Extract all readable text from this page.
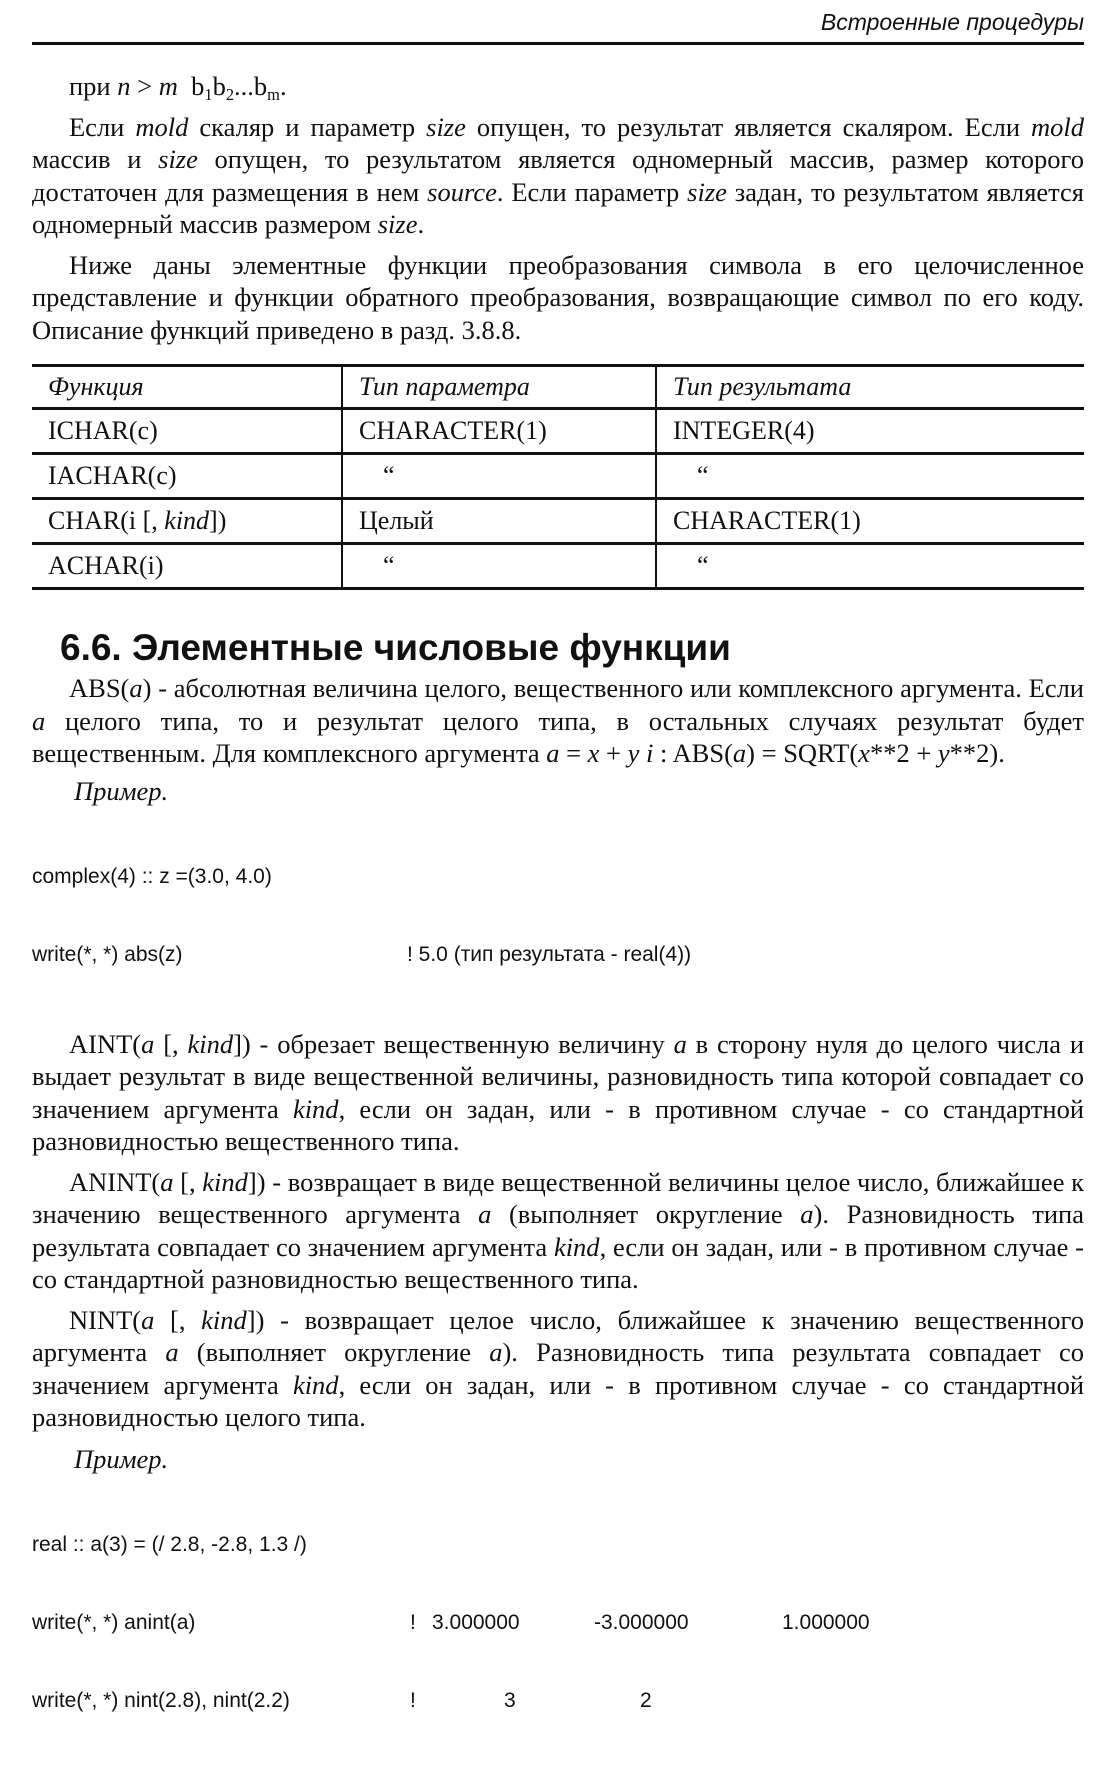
Встроенные процедуры

при n > m $b_1b_2...b_m$.

Если mold скаляр и параметр size опущен, то результат является скаляром. Если mold массив и size опущен, то результатом является одномерный массив, размер которого достаточен для размещения в нем source. Если параметр size задан, то результатом является одномерный массив размером size.

Ниже даны элементные функции преобразования символа в его целочисленное представление и функции обратного преобразования, возвращающие символ по его коду. Описание функций приведено в разд. 3.8.8.

Функция	Тип параметра	Тип результата
ICHAR(c)	CHARACTER(1)	INTEGER(4)
IACHAR(c)	“	“
CHAR(i [, kind])	Целый	CHARACTER(1)
ACHAR(i)	“	“
6.6. Элементные числовые функции

ABS(a) - абсолютная величина целого, вещественного или комплексного аргумента. Если a целого типа, то и результат целого типа, в остальных случаях результат будет вещественным. Для комплексного аргумента a = x + y i : ABS(a) = SQRT(x**2 + y**2).

Пример.

complex(4) :: z =(3.0, 4.0)

write(*, *) abs(z)	! 5.0 (тип результата - real(4))

AINT(a [, kind]) - обрезает вещественную величину a в сторону нуля до целого числа и выдает результат в виде вещественной величины, разновидность типа которой совпадает со значением аргумента kind, если он задан, или - в противном случае - со стандартной разновидностью вещественного типа.

ANINT(a [, kind]) - возвращает в виде вещественной величины целое число, ближайшее к значению вещественного аргумента a (выполняет округление a). Разновидность типа результата совпадает со значением аргумента kind, если он задан, или - в противном случае - со стандартной разновидностью вещественного типа.

NINT(a [, kind]) - возвращает целое число, ближайшее к значению вещественного аргумента a (выполняет округление a). Разновидность типа результата совпадает со значением аргумента kind, если он задан, или - в противном случае - со стандартной разновидностью целого типа.

Пример.

real :: a(3) = (/ 2.8, -2.8, 1.3 /)

write(*, *) anint(a)	! 3.000000	-3.000000	1.000000

write(*, *) nint(2.8), nint(2.2)	!	3	2
